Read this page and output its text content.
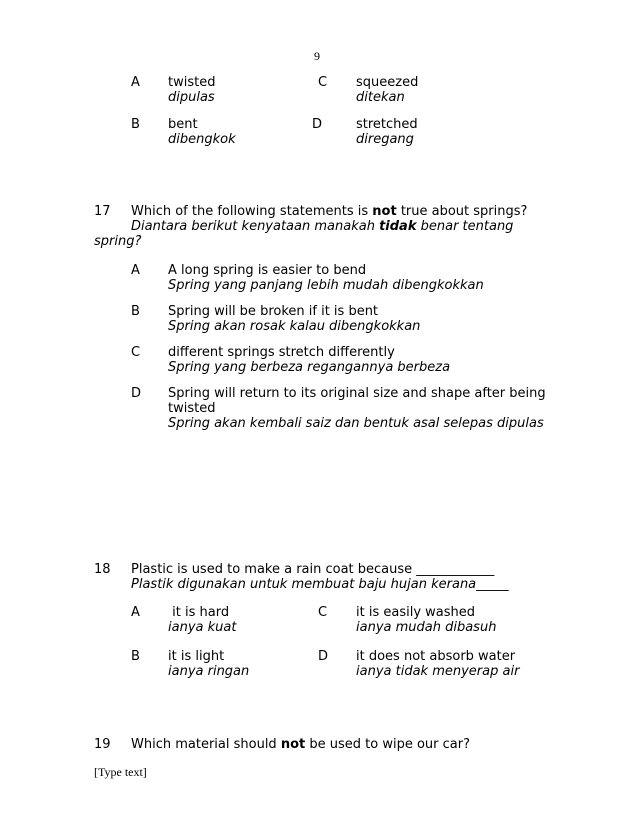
9
A twisted
dipulas
C squeezed
ditekan
B bent
dibengkok
D	stretched
diregang
17 Which of the following statements is not true about springs?
Diantara berikut kenyataan manakah tidak benar tentang
spring?
A A long spring is easier to bend
Spring yang panjang lebih mudah dibengkokkan
B Spring will be broken if it is bent
Spring akan rosak kalau dibengkokkan
C different springs stretch differently
Spring yang berbeza regangannya berbeza
D Spring will return to its original size and shape after being
twisted
Spring akan kembali saiz dan bentuk asal selepas dipulas
18 Plastic is used to make a rain coat because ____________
Plastik digunakan untuk membuat baju hujan kerana_____
A it is hard
ianya kuat
C it is easily washed
ianya mudah dibasuh
B it is light
ianya ringan
D it does not absorb water
ianya tidak menyerap air
19 Which material should not be used to wipe our car?
[Type text]
